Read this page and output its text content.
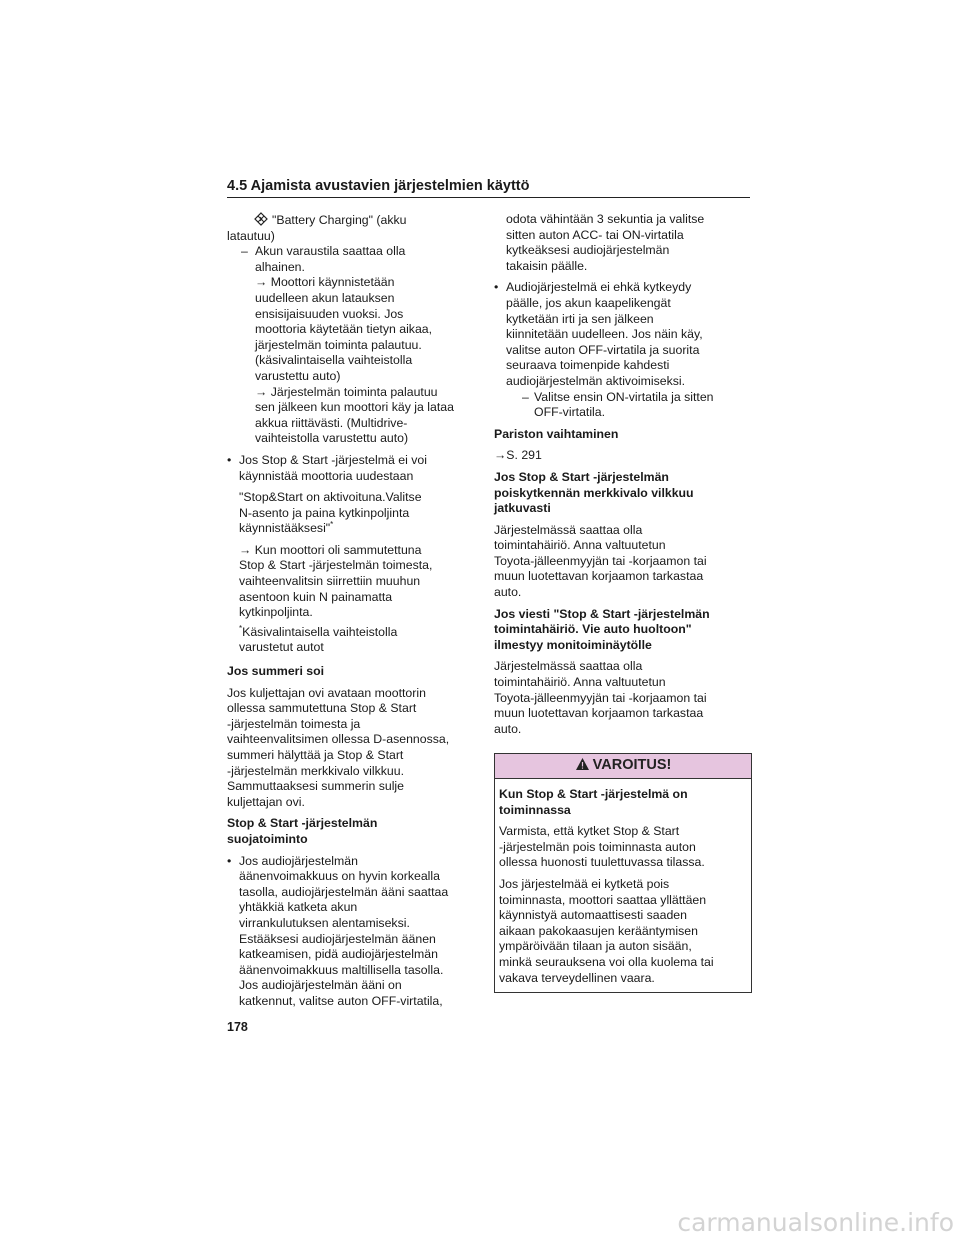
4.5 Ajamista avustavien järjestelmien käyttö
"Battery Charging" (akku
latautuu)
– Akun varaustila saattaa olla
alhainen.
→ Moottori käynnistetään
uudelleen akun latauksen
ensisijaisuuden vuoksi. Jos
moottoria käytetään tietyn aikaa,
järjestelmän toiminta palautuu.
(käsivalintaisella vaihteistolla
varustettu auto)
→ Järjestelmän toiminta palautuu
sen jälkeen kun moottori käy ja lataa
akkua riittävästi. (Multidrive-
vaihteistolla varustettu auto)
• Jos Stop & Start -järjestelmä ei voi
käynnistää moottoria uudestaan
"Stop&Start on aktivoituna.Valitse
N-asento ja paina kytkinpoljinta
käynnistääksesi"*
→ Kun moottori oli sammutettuna
Stop & Start -järjestelmän toimesta,
vaihteenvalitsin siirrettiin muuhun
asentoon kuin N painamatta
kytkinpoljinta.
*Käsivalintaisella vaihteistolla
varustetut autot

Jos summeri soi

Jos kuljettajan ovi avataan moottorin
ollessa sammutettuna Stop & Start
-järjestelmän toimesta ja
vaihteenvalitsimen ollessa D-asennossa,
summeri hälyttää ja Stop & Start
-järjestelmän merkkivalo vilkkuu.
Sammuttaaksesi summerin sulje
kuljettajan ovi.

Stop & Start -järjestelmän
suojatoiminto

• Jos audiojärjestelmän
äänenvoimakkuus on hyvin korkealla
tasolla, audiojärjestelmän ääni saattaa
yhtäkkiä katketa akun
virrankulutuksen alentamiseksi.
Estääksesi audiojärjestelmän äänen
katkeamisen, pidä audiojärjestelmän
äänenvoimakkuus maltillisella tasolla.
Jos audiojärjestelmän ääni on
katkennut, valitse auton OFF-virtatila,
odota vähintään 3 sekuntia ja valitse
sitten auton ACC- tai ON-virtatila
kytkeäksesi audiojärjestelmän
takaisin päälle.
• Audiojärjestelmä ei ehkä kytkeydy
päälle, jos akun kaapelikengät
kytketään irti ja sen jälkeen
kiinnitetään uudelleen. Jos näin käy,
valitse auton OFF-virtatila ja suorita
seuraava toimenpide kahdesti
audiojärjestelmän aktivoimiseksi.
– Valitse ensin ON-virtatila ja sitten
OFF-virtatila.

Pariston vaihtaminen

→S. 291

Jos Stop & Start -järjestelmän
poiskytkennän merkkivalo vilkkuu
jatkuvasti

Järjestelmässä saattaa olla
toimintahäiriö. Anna valtuutetun
Toyota-jälleenmyyjän tai -korjaamon tai
muun luotettavan korjaamon tarkastaa
auto.

Jos viesti "Stop & Start -järjestelmän
toimintahäiriö. Vie auto huoltoon"
ilmestyy monitoiminäytölle

Järjestelmässä saattaa olla
toimintahäiriö. Anna valtuutetun
Toyota-jälleenmyyjän tai -korjaamon tai
muun luotettavan korjaamon tarkastaa
auto.

VAROITUS!

Kun Stop & Start -järjestelmä on
toiminnassa

Varmista, että kytket Stop & Start
-järjestelmän pois toiminnasta auton
ollessa huonosti tuulettuvassa tilassa.

Jos järjestelmää ei kytketä pois
toiminnasta, moottori saattaa yllättäen
käynnistyä automaattisesti saaden
aikaan pakokaasujen kerääntymisen
ympäröivään tilaan ja auton sisään,
minkä seurauksena voi olla kuolema tai
vakava terveydellinen vaara.

178
carmanualsonline.info
